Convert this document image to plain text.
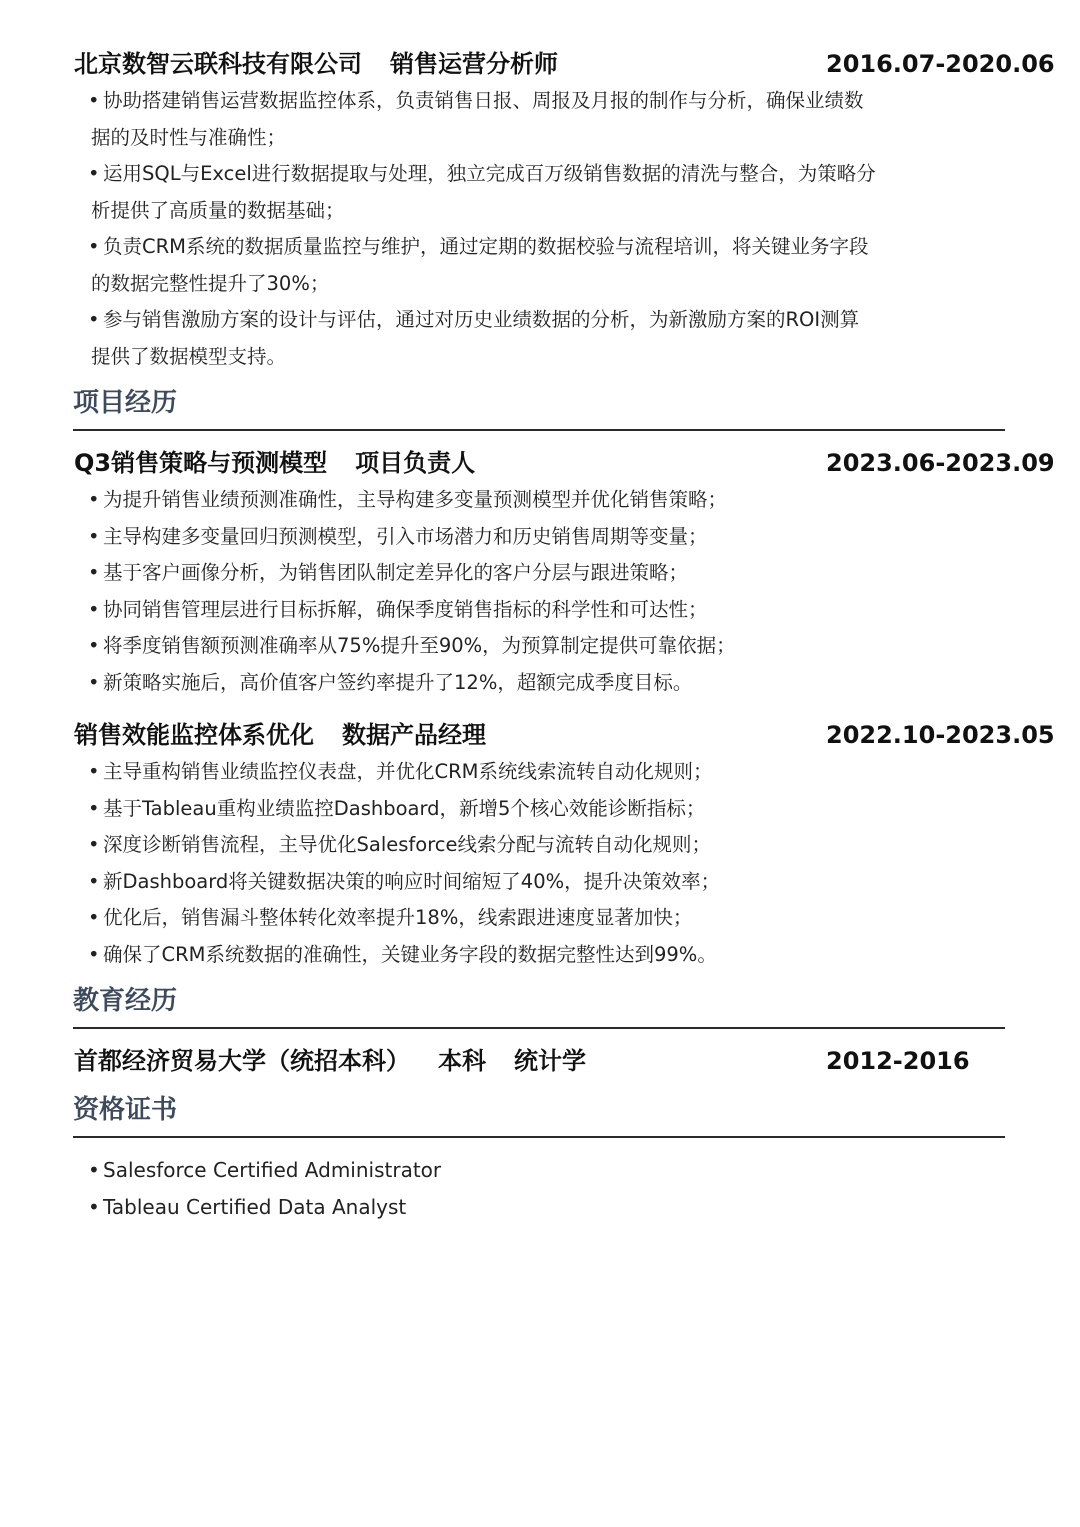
北京数智云联科技有限公司 销售运营分析师	2016.07-2020.06
• 协助搭建销售运营数据监控体系，负责销售日报、周报及月报的制作与分析，确保业绩数
据的及时性与准确性；
• 运用SQL与Excel进行数据提取与处理，独立完成百万级销售数据的清洗与整合，为策略分
析提供了高质量的数据基础；
• 负责CRM系统的数据质量监控与维护，通过定期的数据校验与流程培训，将关键业务字段
的数据完整性提升了30%；
• 参与销售激励方案的设计与评估，通过对历史业绩数据的分析，为新激励方案的ROI测算
提供了数据模型支持。
项目经历
Q3销售策略与预测模型 项目负责人	2023.06-2023.09
• 为提升销售业绩预测准确性，主导构建多变量预测模型并优化销售策略；
• 主导构建多变量回归预测模型，引入市场潜力和历史销售周期等变量；
• 基于客户画像分析，为销售团队制定差异化的客户分层与跟进策略；
• 协同销售管理层进行目标拆解，确保季度销售指标的科学性和可达性；
• 将季度销售额预测准确率从75%提升至90%，为预算制定提供可靠依据；
• 新策略实施后，高价值客户签约率提升了12%，超额完成季度目标。
销售效能监控体系优化 数据产品经理	2022.10-2023.05
• 主导重构销售业绩监控仪表盘，并优化CRM系统线索流转自动化规则；
• 基于Tableau重构业绩监控Dashboard，新增5个核心效能诊断指标；
• 深度诊断销售流程，主导优化Salesforce线索分配与流转自动化规则；
• 新Dashboard将关键数据决策的响应时间缩短了40%，提升决策效率；
• 优化后，销售漏斗整体转化效率提升18%，线索跟进速度显著加快；
• 确保了CRM系统数据的准确性，关键业务字段的数据完整性达到99%。
教育经历
首都经济贸易大学（统招本科） 本科 统计学	2012-2016
资格证书
• Salesforce Certified Administrator
• Tableau Certified Data Analyst
